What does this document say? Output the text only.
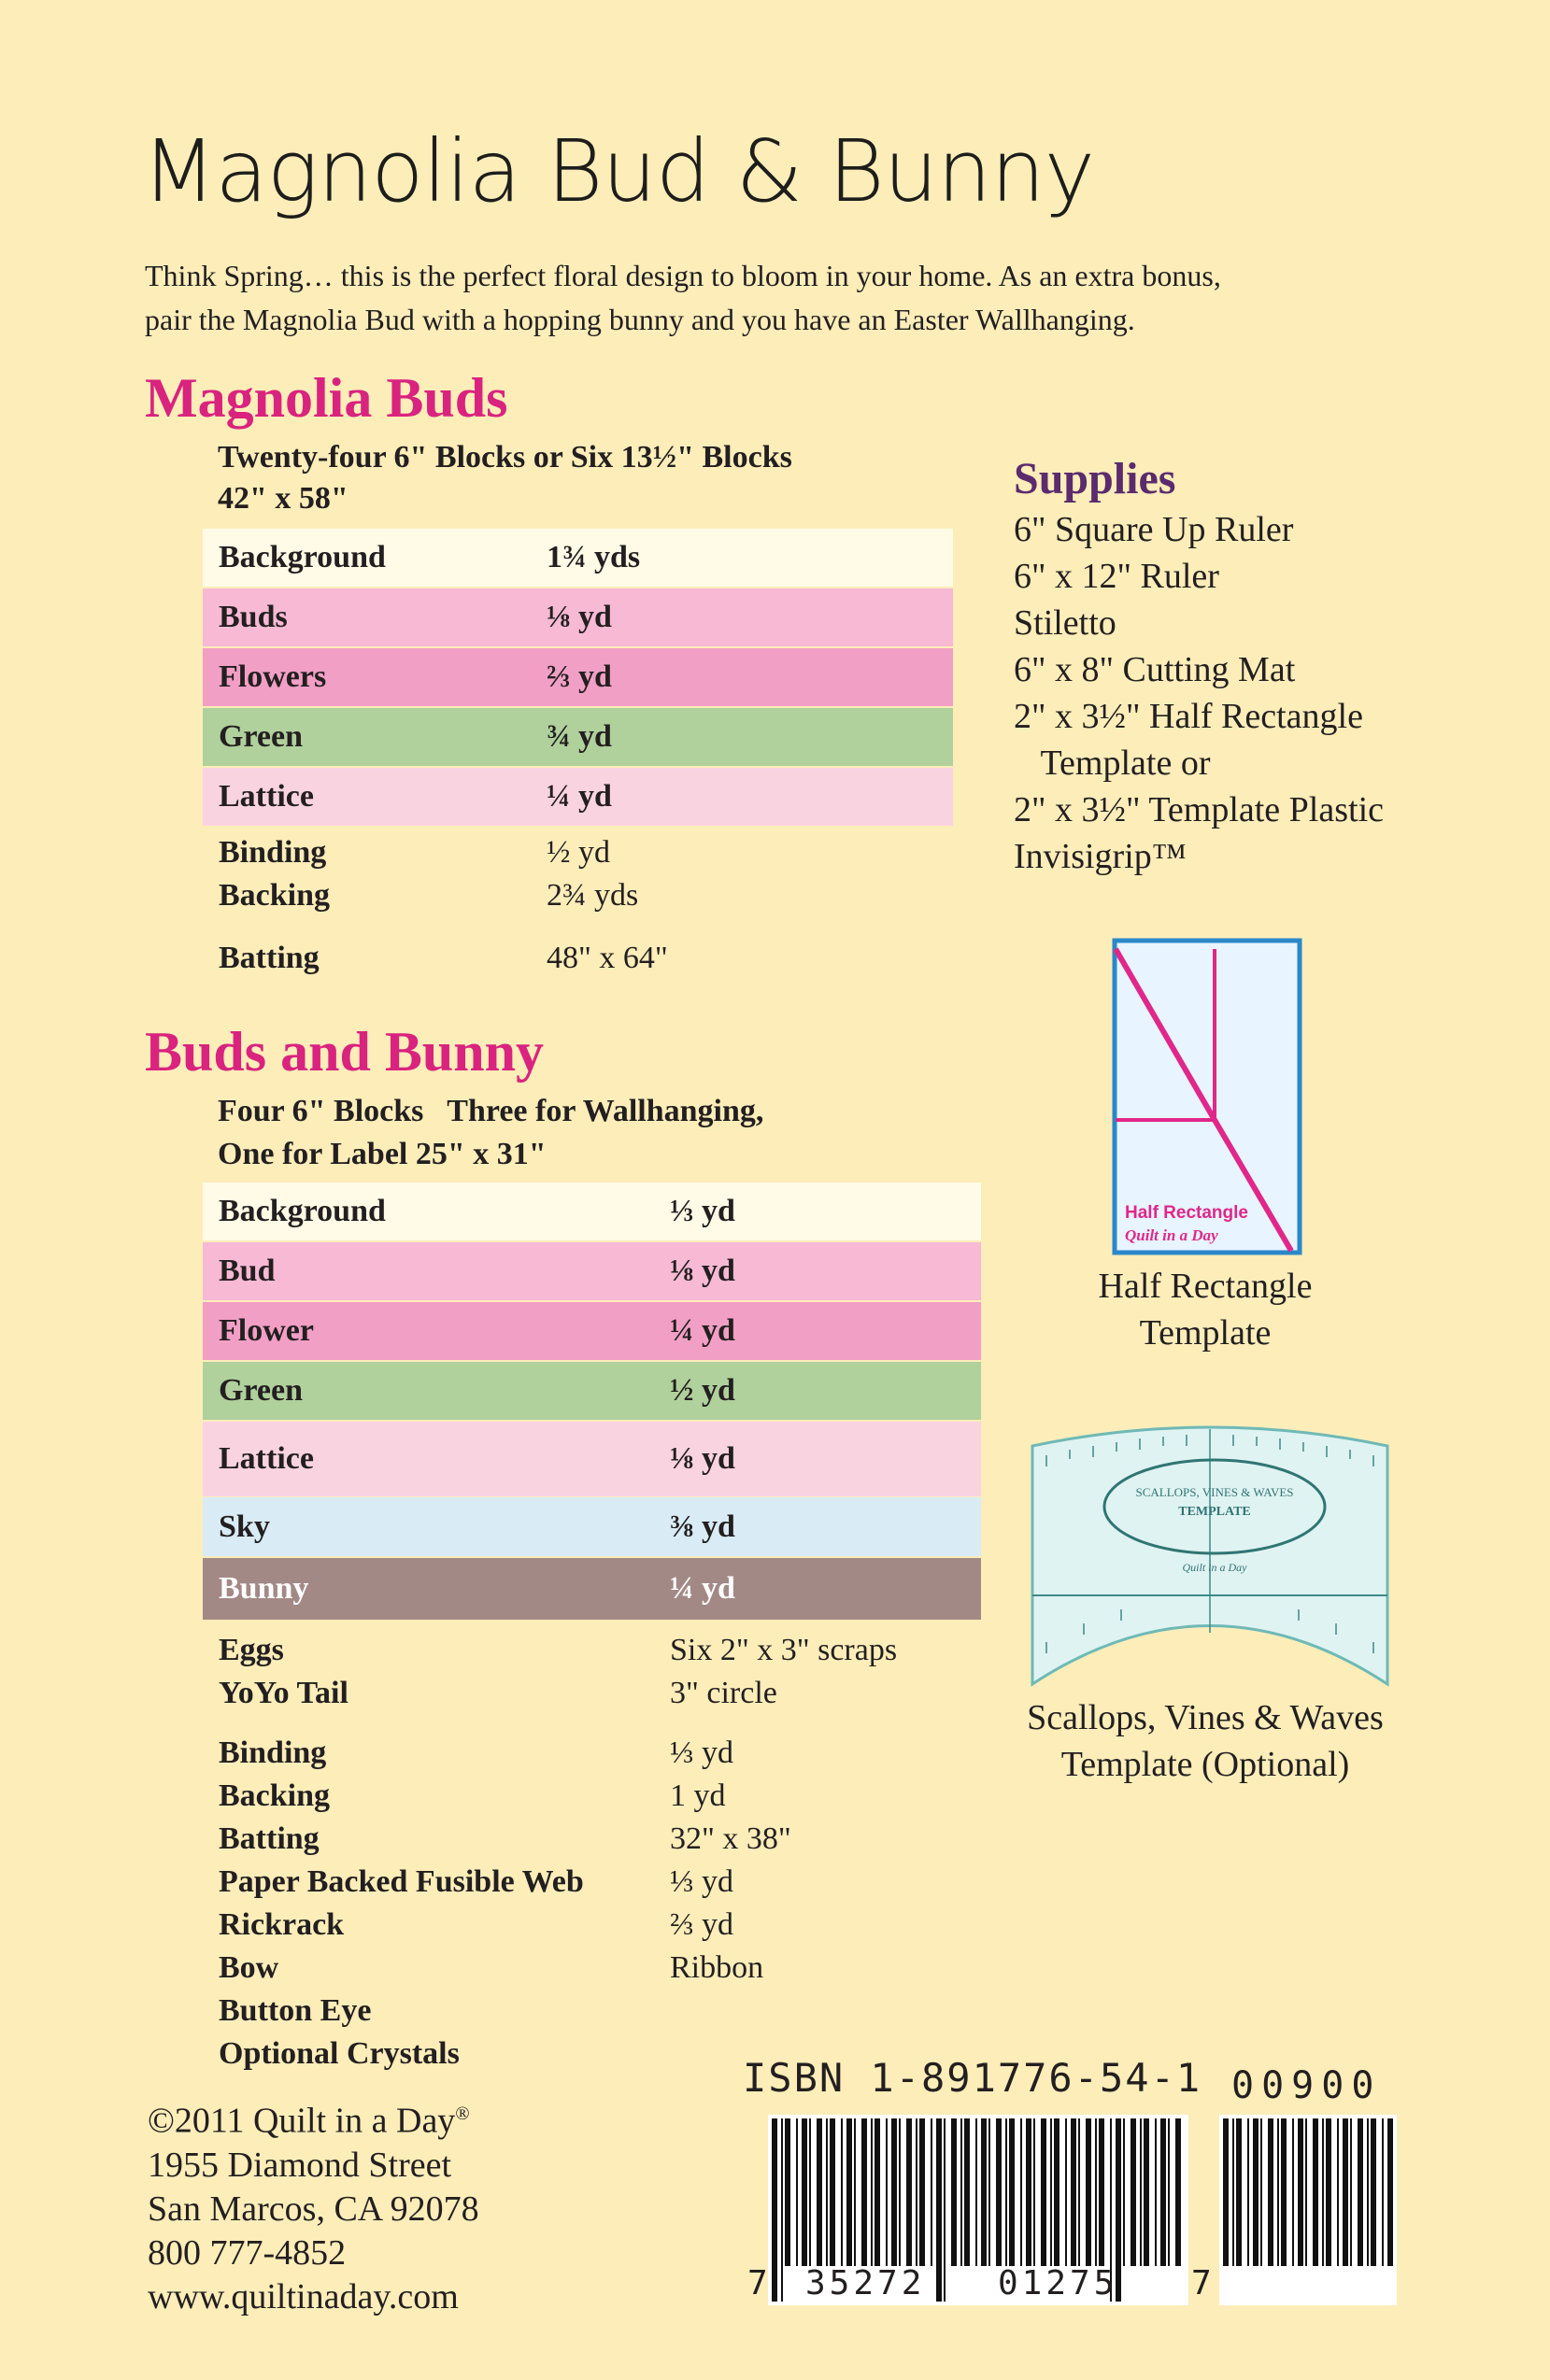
Magnolia Bud & Bunny
Think Spring… this is the perfect floral design to bloom in your home. As an extra bonus,
pair the Magnolia Bud with a hopping bunny and you have an Easter Wallhanging.
Magnolia Buds
Twenty-four 6" Blocks or Six 13½" Blocks
42" x 58"
Background	1¾ yds
Buds	⅛ yd
Flowers	⅔ yd
Green	¾ yd
Lattice	¼ yd
Binding	½ yd
Backing	2¾ yds
Batting	48" x 64"
Buds and Bunny
Four 6" Blocks   Three for Wallhanging,
One for Label 25" x 31"
Background	⅓ yd
Bud	⅛ yd
Flower	¼ yd
Green	½ yd
Lattice	⅛ yd
Sky	⅜ yd
Bunny	¼ yd
Eggs	Six 2" x 3" scraps
YoYo Tail	3" circle
Binding	⅓ yd
Backing	1 yd
Batting	32" x 38"
Paper Backed Fusible Web	⅓ yd
Rickrack	⅔ yd
Bow	Ribbon
Button Eye
Optional Crystals
Supplies
6" Square Up Ruler
6" x 12" Ruler
Stiletto
6" x 8" Cutting Mat
2" x 3½" Half Rectangle
Template or
2" x 3½" Template Plastic
Invisigrip™
Half Rectangle
Quilt in a Day
Half Rectangle
Template
SCALLOPS, VINES & WAVES
TEMPLATE
Quilt in a Day
Scallops, Vines & Waves
Template (Optional)
©2011 Quilt in a Day®
1955 Diamond Street
San Marcos, CA 92078
800 777-4852
www.quiltinaday.com
ISBN 1-891776-54-1 00900
7 35272 01275 7
